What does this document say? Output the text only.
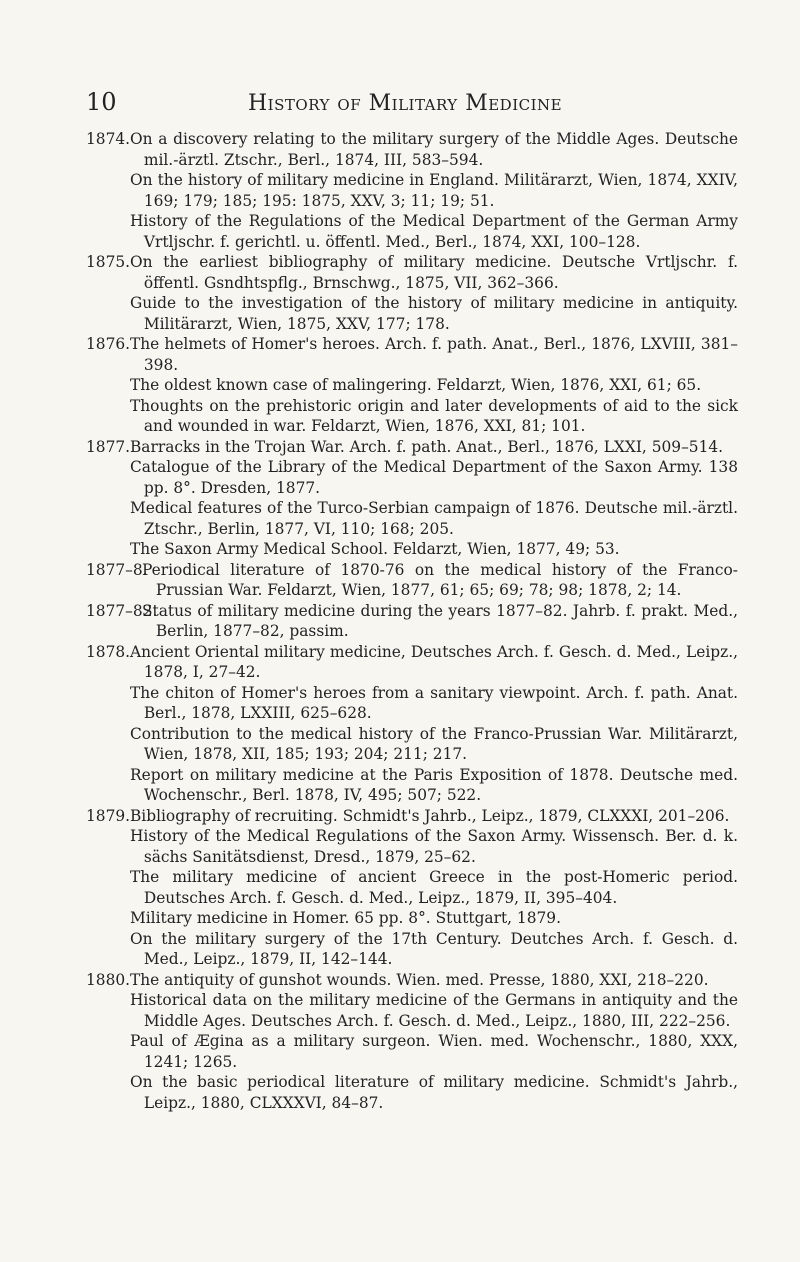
10	History of Military Medicine
1874. On a discovery relating to the military surgery of the Middle Ages. Deutsche mil.-ärztl. Ztschr., Berl., 1874, III, 583–594.
On the history of military medicine in England. Militärarzt, Wien, 1874, XXIV, 169; 179; 185; 195: 1875, XXV, 3; 11; 19; 51.
History of the Regulations of the Medical Department of the German Army Vrtljschr. f. gerichtl. u. öffentl. Med., Berl., 1874, XXI, 100–128.
1875. On the earliest bibliography of military medicine. Deutsche Vrtljschr. f. öffentl. Gsndhtspflg., Brnschwg., 1875, VII, 362–366.
Guide to the investigation of the history of military medicine in antiquity. Militärarzt, Wien, 1875, XXV, 177; 178.
1876. The helmets of Homer's heroes. Arch. f. path. Anat., Berl., 1876, LXVIII, 381–398.
The oldest known case of malingering. Feldarzt, Wien, 1876, XXI, 61; 65.
Thoughts on the prehistoric origin and later developments of aid to the sick and wounded in war. Feldarzt, Wien, 1876, XXI, 81; 101.
1877. Barracks in the Trojan War. Arch. f. path. Anat., Berl., 1876, LXXI, 509–514.
Catalogue of the Library of the Medical Department of the Saxon Army. 138 pp. 8°. Dresden, 1877.
Medical features of the Turco-Serbian campaign of 1876. Deutsche mil.-ärztl. Ztschr., Berlin, 1877, VI, 110; 168; 205.
The Saxon Army Medical School. Feldarzt, Wien, 1877, 49; 53.
1877–8.
Periodical literature of 1870-76 on the medical history of the Franco-Prussian War. Feldarzt, Wien, 1877, 61; 65; 69; 78; 98; 1878, 2; 14.
1877–82.
Status of military medicine during the years 1877–82. Jahrb. f. prakt. Med., Berlin, 1877–82, passim.
1878. Ancient Oriental military medicine, Deutsches Arch. f. Gesch. d. Med., Leipz., 1878, I, 27–42.
The chiton of Homer's heroes from a sanitary viewpoint. Arch. f. path. Anat. Berl., 1878, LXXIII, 625–628.
Contribution to the medical history of the Franco-Prussian War. Militärarzt, Wien, 1878, XII, 185; 193; 204; 211; 217.
Report on military medicine at the Paris Exposition of 1878. Deutsche med. Wochenschr., Berl. 1878, IV, 495; 507; 522.
1879. Bibliography of recruiting. Schmidt's Jahrb., Leipz., 1879, CLXXXI, 201–206.
History of the Medical Regulations of the Saxon Army. Wissensch. Ber. d. k. sächs Sanitätsdienst, Dresd., 1879, 25–62.
The military medicine of ancient Greece in the post-Homeric period. Deutsches Arch. f. Gesch. d. Med., Leipz., 1879, II, 395–404.
Military medicine in Homer. 65 pp. 8°. Stuttgart, 1879.
On the military surgery of the 17th Century. Deutches Arch. f. Gesch. d. Med., Leipz., 1879, II, 142–144.
1880. The antiquity of gunshot wounds. Wien. med. Presse, 1880, XXI, 218–220.
Historical data on the military medicine of the Germans in antiquity and the Middle Ages. Deutsches Arch. f. Gesch. d. Med., Leipz., 1880, III, 222–256.
Paul of Ægina as a military surgeon. Wien. med. Wochenschr., 1880, XXX, 1241; 1265.
On the basic periodical literature of military medicine. Schmidt's Jahrb., Leipz., 1880, CLXXXVI, 84–87.
